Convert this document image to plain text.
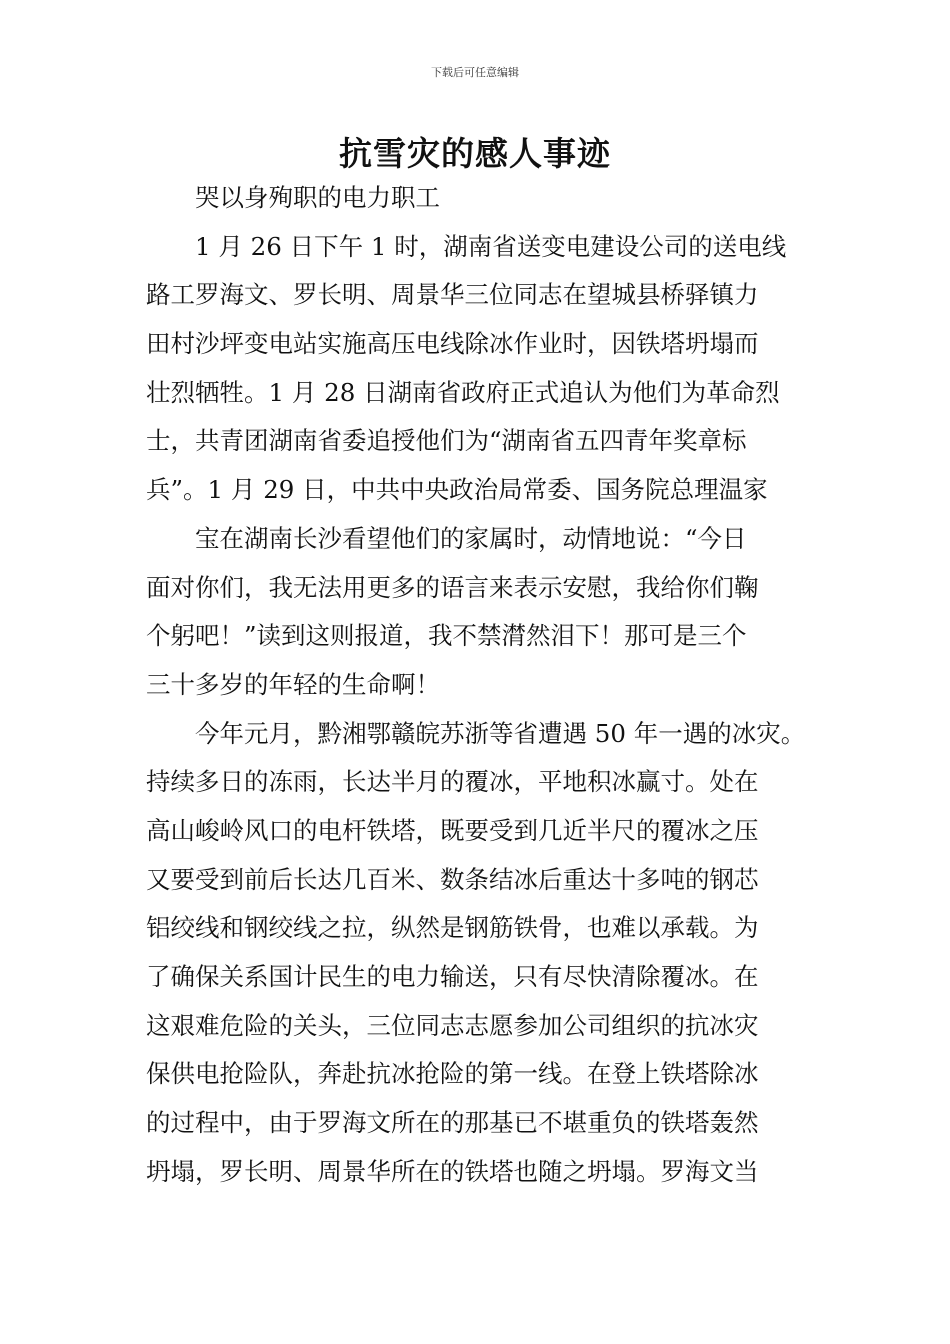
下载后可任意编辑
抗雪灾的感人事迹
哭以身殉职的电力职工
1 月 26 日下午 1 时，湖南省送变电建设公司的送电线
路工罗海文、罗长明、周景华三位同志在望城县桥驿镇力
田村沙坪变电站实施高压电线除冰作业时，因铁塔坍塌而
壮烈牺牲。1 月 28 日湖南省政府正式追认为他们为革命烈
士，共青团湖南省委追授他们为“湖南省五四青年奖章标
兵”。1 月 29 日，中共中央政治局常委、国务院总理温家
宝在湖南长沙看望他们的家属时，动情地说：“今日
面对你们，我无法用更多的语言来表示安慰，我给你们鞠
个躬吧！”读到这则报道，我不禁潸然泪下！那可是三个
三十多岁的年轻的生命啊！
今年元月，黔湘鄂赣皖苏浙等省遭遇 50 年一遇的冰灾。
持续多日的冻雨，长达半月的覆冰，平地积冰赢寸。处在
高山峻岭风口的电杆铁塔，既要受到几近半尺的覆冰之压
又要受到前后长达几百米、数条结冰后重达十多吨的钢芯
铝绞线和钢绞线之拉，纵然是钢筋铁骨，也难以承载。为
了确保关系国计民生的电力输送，只有尽快清除覆冰。在
这艰难危险的关头，三位同志志愿参加公司组织的抗冰灾
保供电抢险队，奔赴抗冰抢险的第一线。在登上铁塔除冰
的过程中，由于罗海文所在的那基已不堪重负的铁塔轰然
坍塌，罗长明、周景华所在的铁塔也随之坍塌。罗海文当
